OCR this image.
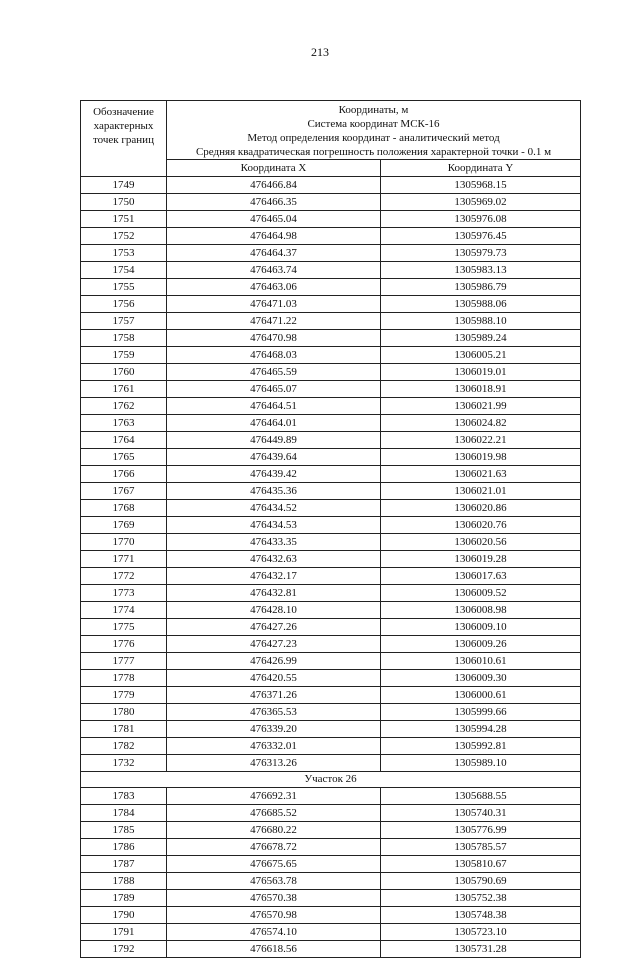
213
Обозначение характерных точек границ	Координаты, м
Система координат МСК-16
Метод определения координат - аналитический метод
Средняя квадратическая погрешность положения характерной точки - 0.1 м	

	Координата X	Координата Y
1749	476466.84	1305968.15
1750	476466.35	1305969.02
1751	476465.04	1305976.08
1752	476464.98	1305976.45
1753	476464.37	1305979.73
1754	476463.74	1305983.13
1755	476463.06	1305986.79
1756	476471.03	1305988.06
1757	476471.22	1305988.10
1758	476470.98	1305989.24
1759	476468.03	1306005.21
1760	476465.59	1306019.01
1761	476465.07	1306018.91
1762	476464.51	1306021.99
1763	476464.01	1306024.82
1764	476449.89	1306022.21
1765	476439.64	1306019.98
1766	476439.42	1306021.63
1767	476435.36	1306021.01
1768	476434.52	1306020.86
1769	476434.53	1306020.76
1770	476433.35	1306020.56
1771	476432.63	1306019.28
1772	476432.17	1306017.63
1773	476432.81	1306009.52
1774	476428.10	1306008.98
1775	476427.26	1306009.10
1776	476427.23	1306009.26
1777	476426.99	1306010.61
1778	476420.55	1306009.30
1779	476371.26	1306000.61
1780	476365.53	1305999.66
1781	476339.20	1305994.28
1782	476332.01	1305992.81
1732	476313.26	1305989.10
Участок 26		
1783	476692.31	1305688.55
1784	476685.52	1305740.31
1785	476680.22	1305776.99
1786	476678.72	1305785.57
1787	476675.65	1305810.67
1788	476563.78	1305790.69
1789	476570.38	1305752.38
1790	476570.98	1305748.38
1791	476574.10	1305723.10
1792	476618.56	1305731.28
